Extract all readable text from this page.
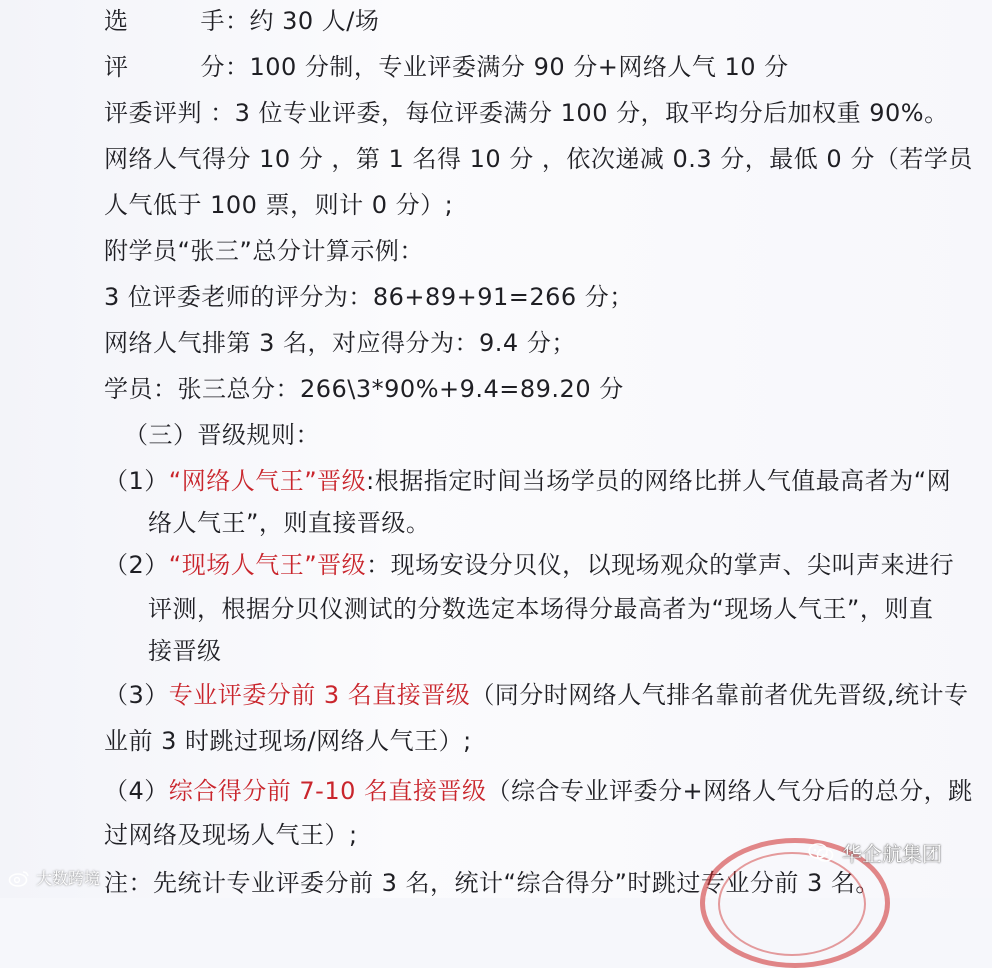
选	手：约 30 人/场
评	分：100 分制，专业评委满分 90 分+网络人气 10 分
评委评判 ：3 位专业评委，每位评委满分 100 分，取平均分后加权重 90%。
网络人气得分 10 分 ，第 1 名得 10 分 ，依次递减 0.3 分，最低 0 分（若学员
人气低于 100 票，则计 0 分）;
附学员“张三”总分计算示例：
3 位评委老师的评分为：86+89+91=266 分；
网络人气排第 3 名，对应得分为：9.4 分；
学员：张三总分：266\3*90%+9.4=89.20 分
（三）晋级规则：
（1）“网络人气王”晋级:根据指定时间当场学员的网络比拼人气值最高者为“网
络人气王”，则直接晋级。
（2）“现场人气王”晋级：现场安设分贝仪，以现场观众的掌声、尖叫声来进行
评测，根据分贝仪测试的分数选定本场得分最高者为“现场人气王”，则直
接晋级
（3）专业评委分前 3 名直接晋级（同分时网络人气排名靠前者优先晋级,统计专
业前 3 时跳过现场/网络人气王）;
（4）综合得分前 7-10 名直接晋级（综合专业评委分+网络人气分后的总分，跳
过网络及现场人气王）;
注：先统计专业评委分前 3 名，统计“综合得分”时跳过专业分前 3 名。
华企航集团
大数跨境
